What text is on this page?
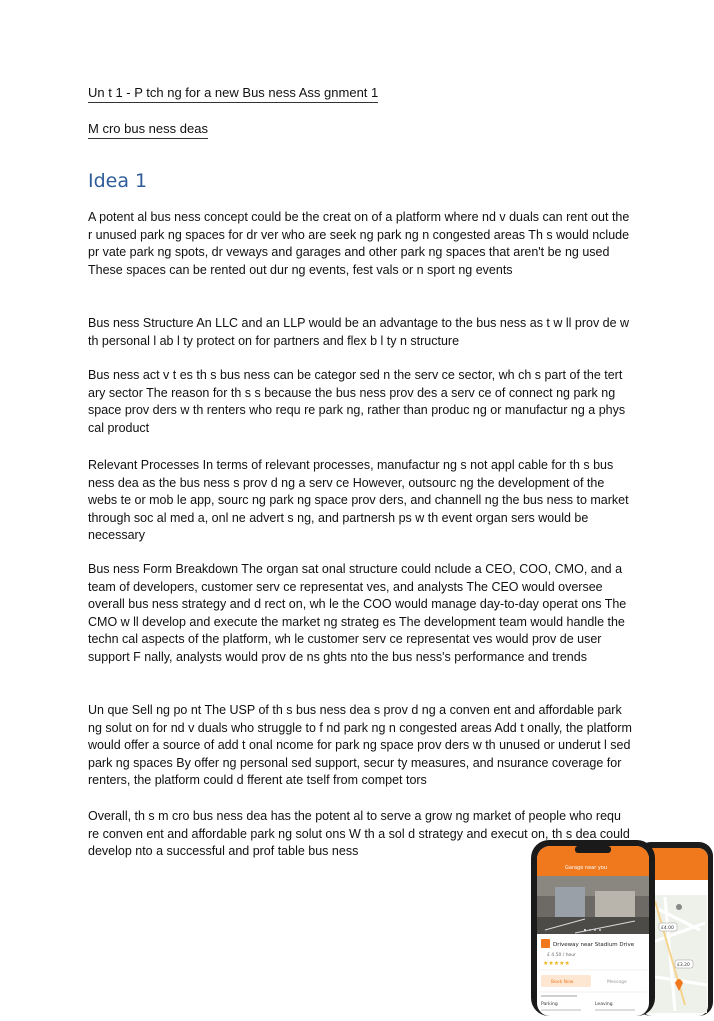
Un t 1 - P tch ng for a new Bus ness Ass gnment 1
M cro bus ness deas
Idea 1

A potent al bus ness concept could be the creat on of a platform where nd v duals can rent out the r unused park ng spaces for dr ver who are seek ng park ng n congested areas Th s would nclude pr vate park ng spots, dr veways and garages and other park ng spaces that aren't be ng used These spaces can be rented out dur ng events, fest vals or n sport ng events

Bus ness Structure An LLC and an LLP would be an advantage to the bus ness as t w ll prov de w th personal l ab l ty protect on for partners and flex b l ty n structure

Bus ness act v t es th s bus ness can be categor sed n the serv ce sector, wh ch s part of the tert ary sector The reason for th s s because the bus ness prov des a serv ce of connect ng park ng space prov ders w th renters who requ re park ng, rather than produc ng or manufactur ng a phys cal product

Relevant Processes In terms of relevant processes, manufactur ng s not appl cable for th s bus ness dea as the bus ness s prov d ng a serv ce However, outsourc ng the development of the webs te or mob le app, sourc ng park ng space prov ders, and channell ng the bus ness to market through soc al med a, onl ne advert s ng, and partnersh ps w th event organ sers would be necessary

Bus ness Form Breakdown The organ sat onal structure could nclude a CEO, COO, CMO, and a team of developers, customer serv ce representat ves, and analysts The CEO would oversee overall bus ness strategy and d rect on, wh le the COO would manage day-to-day operat ons The CMO w ll develop and execute the market ng strateg es The development team would handle the techn cal aspects of the platform, wh le customer serv ce representat ves would prov de user support F nally, analysts would prov de ns ghts nto the bus ness's performance and trends

Un que Sell ng po nt The USP of th s bus ness dea s prov d ng a conven ent and affordable park ng solut on for nd v duals who struggle to f nd park ng n congested areas Add t onally, the platform would offer a source of add t onal ncome for park ng space prov ders w th unused or underut l sed park ng spaces By offer ng personal sed support, secur ty measures, and nsurance coverage for renters, the platform could d fferent ate tself from compet tors

Overall, th s m cro bus ness dea has the potent al to serve a grow ng market of people who requ re conven ent and affordable park ng solut ons W th a sol d strategy and execut on, th s dea could develop nto a successful and prof table bus ness

SW7, Kensington
£4.00
£3.20
Garage near you
Driveway near Stadium Drive
£ 4.50 / hour
★★★★★
Book Now	Message
Parking	Leaving
